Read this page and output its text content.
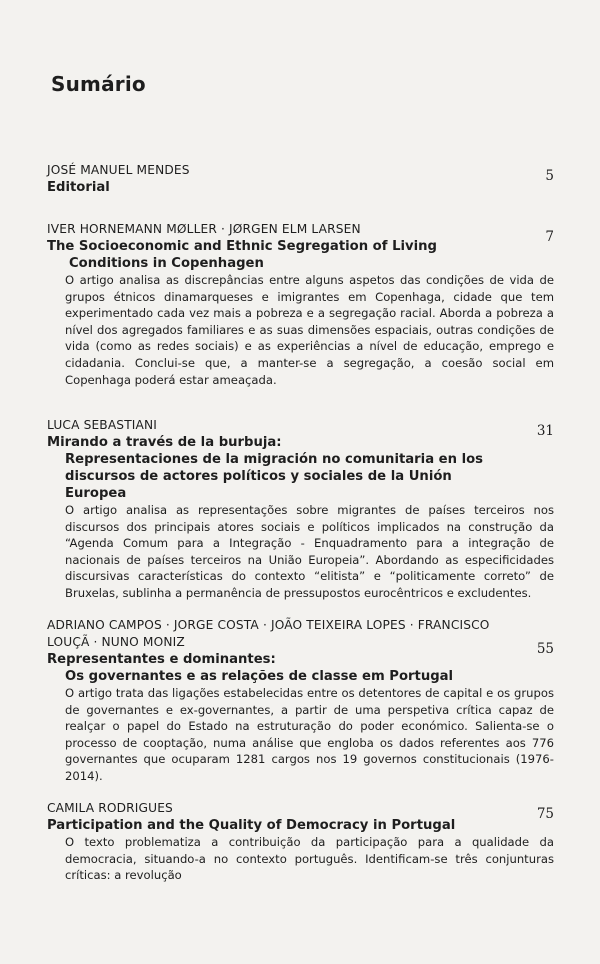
Sumário
JOSÉ MANUEL MENDES	5
Editorial
IVER HORNEMANN MØLLER · JØRGEN ELM LARSEN	7
The Socioeconomic and Ethnic Segregation of Living Conditions in Copenhagen
O artigo analisa as discrepâncias entre alguns aspetos das condições de vida de grupos étnicos dinamarqueses e imigrantes em Copenhaga, cidade que tem experimentado cada vez mais a pobreza e a segregação racial. Aborda a pobreza a nível dos agregados familiares e as suas dimensões espaciais, outras condições de vida (como as redes sociais) e as experiências a nível de educação, emprego e cidadania. Conclui-se que, a manter-se a segregação, a coesão social em Copenhaga poderá estar ameaçada.
LUCA SEBASTIANI	31
Mirando a través de la burbuja:
Representaciones de la migración no comunitaria en los discursos de actores políticos y sociales de la Unión Europea
O artigo analisa as representações sobre migrantes de países terceiros nos discursos dos principais atores sociais e políticos implicados na construção da “Agenda Comum para a Integração - Enquadramento para a integração de nacionais de países terceiros na União Europeia”. Abordando as especificidades discursivas características do contexto “elitista” e “politicamente correto” de Bruxelas, sublinha a permanência de pressupostos eurocêntricos e excludentes.
ADRIANO CAMPOS · JORGE COSTA · JOÃO TEIXEIRA LOPES · FRANCISCO LOUÇÃ · NUNO MONIZ	55
Representantes e dominantes:
Os governantes e as relações de classe em Portugal
O artigo trata das ligações estabelecidas entre os detentores de capital e os grupos de governantes e ex-governantes, a partir de uma perspetiva crítica capaz de realçar o papel do Estado na estruturação do poder económico. Salienta-se o processo de cooptação, numa análise que engloba os dados referentes aos 776 governantes que ocuparam 1281 cargos nos 19 governos constitucionais (1976-2014).
CAMILA RODRIGUES	75
Participation and the Quality of Democracy in Portugal
O texto problematiza a contribuição da participação para a qualidade da democracia, situando-a no contexto português. Identificam-se três conjunturas críticas: a revolução
